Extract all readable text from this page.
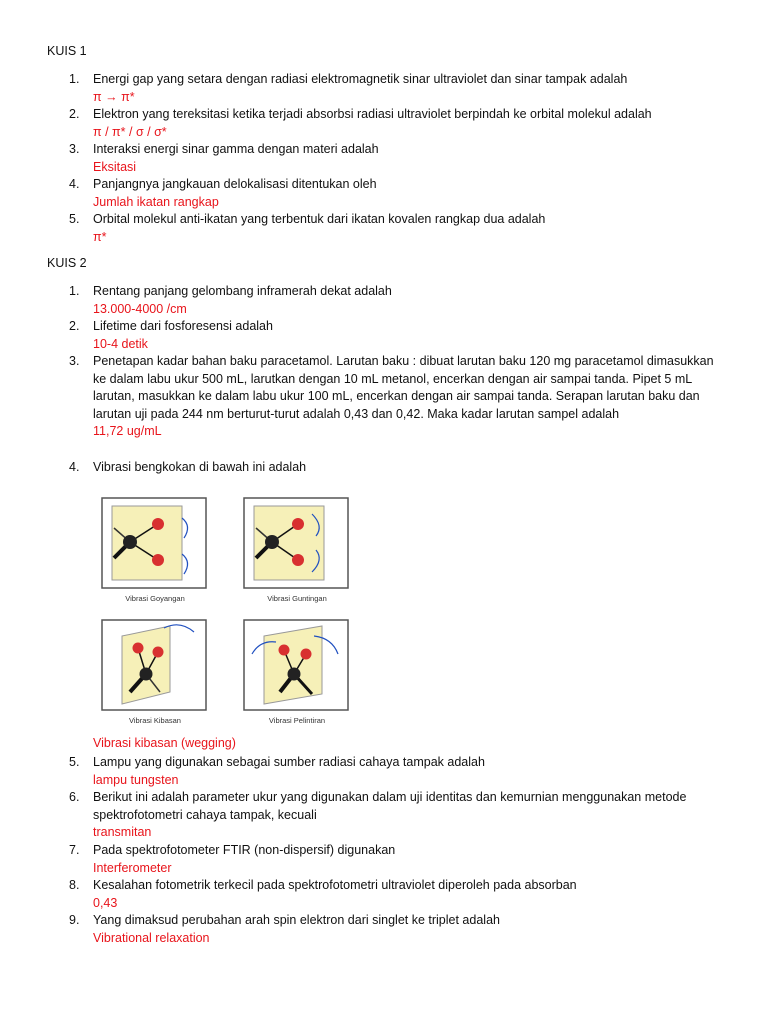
KUIS 1
1.	Energi gap yang setara dengan radiasi elektromagnetik sinar ultraviolet dan sinar tampak adalah
π → π*
2.	Elektron yang tereksitasi ketika terjadi absorbsi radiasi ultraviolet berpindah ke orbital molekul adalah
π / π* / σ / σ*
3.	Interaksi energi sinar gamma dengan materi adalah
Eksitasi
4.	Panjangnya jangkauan delokalisasi ditentukan oleh
Jumlah ikatan rangkap
5.	Orbital molekul anti-ikatan yang terbentuk dari ikatan kovalen rangkap dua adalah
π*
KUIS 2
1.	Rentang panjang gelombang inframerah dekat adalah
13.000-4000 /cm
2.	Lifetime dari fosforesensi adalah
10-4 detik
3.	Penetapan kadar bahan baku paracetamol. Larutan baku : dibuat larutan baku 120 mg paracetamol dimasukkan ke dalam labu ukur 500 mL, larutkan dengan 10 mL metanol, encerkan dengan air sampai tanda. Pipet 5 mL larutan, masukkan ke dalam labu ukur 100 mL, encerkan dengan air sampai tanda. Serapan larutan baku dan larutan uji pada 244 nm berturut-turut adalah 0,43 dan 0,42. Maka kadar larutan sampel adalah
11,72 ug/mL
4.	Vibrasi bengkokan di bawah ini adalah
Vibrasi Goyangan	Vibrasi Guntingan
Vibrasi Kibasan	Vibrasi Pelintiran
Vibrasi kibasan (wegging)
5.	Lampu yang digunakan sebagai sumber radiasi cahaya tampak adalah
lampu tungsten
6.	Berikut ini adalah parameter ukur yang digunakan dalam uji identitas dan kemurnian menggunakan metode spektrofotometri cahaya tampak, kecuali
transmitan
7.	Pada spektrofotometer FTIR (non-dispersif) digunakan
Interferometer
8.	Kesalahan fotometrik terkecil pada spektrofotometri ultraviolet diperoleh pada absorban
0,43
9.	Yang dimaksud perubahan arah spin elektron dari singlet ke triplet adalah
Vibrational relaxation
